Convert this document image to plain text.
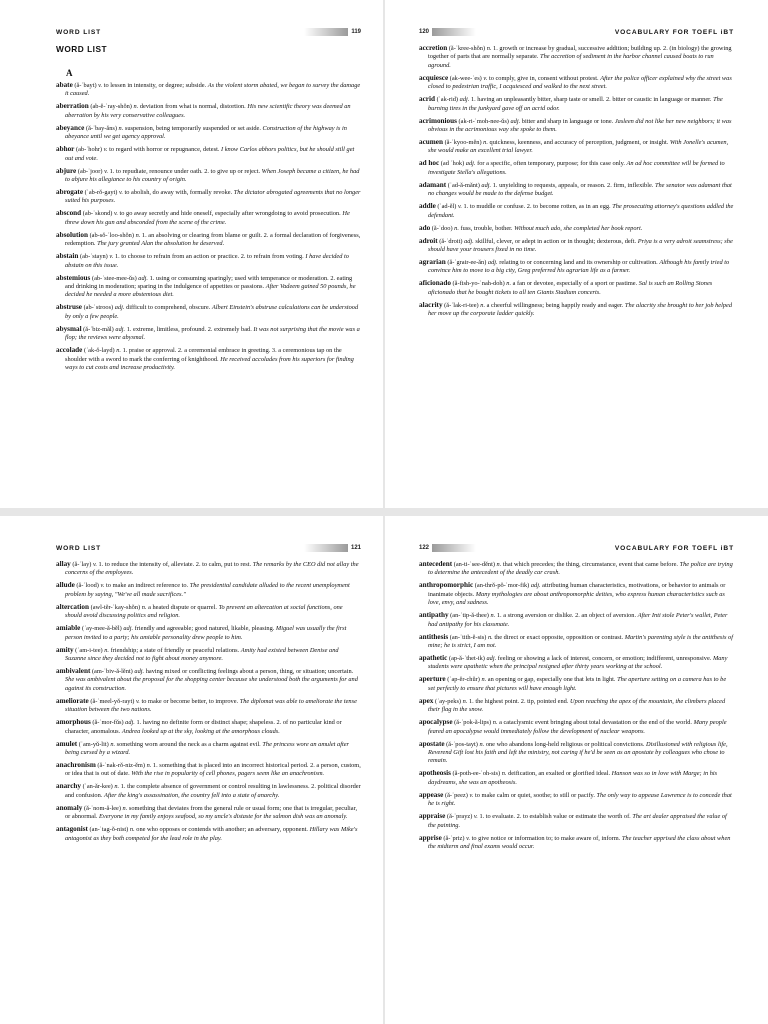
WORD LIST	119
WORD LIST
A
abate (ă-ˈbayt) v. to lessen in intensity, or degree; subside. As the violent storm abated, we began to survey the damage it caused.
aberration (ab-ĕ-ˈray-shŏn) n. deviation from what is normal, distortion. His new scientific theory was deemed an aberration by his very conservative colleagues.
abeyance (ă-ˈbay-ăns) n. suspension, being temporarily suspended or set aside. Construction of the highway is in abeyance until we get agency approval.
abhor (ab-ˈhohr) v. to regard with horror or repugnance, detest. I know Carlos abhors politics, but he should still get out and vote.
abjure (ab-ˈjoor) v. 1. to repudiate, renounce under oath. 2. to give up or reject. When Joseph became a citizen, he had to abjure his allegiance to his country of origin.
abrogate (ˈab-rŏ-gayt) v. to abolish, do away with, formally revoke. The dictator abrogated agreements that no longer suited his purposes.
abscond (ab-ˈskond) v. to go away secretly and hide oneself, especially after wrongdoing to avoid prosecution. He threw down his gun and absconded from the scene of the crime.
absolution (ab-sŏ-ˈloo-shŏn) n. 1. an absolving or clearing from blame or guilt. 2. a formal declaration of forgiveness, redemption. The jury granted Alan the absolution he deserved.
abstain (ab-ˈstayn) v. 1. to choose to refrain from an action or practice. 2. to refrain from voting. I have decided to abstain on this issue.
abstemious (ab-ˈstee-mee-ŭs) adj. 1. using or consuming sparingly; used with temperance or moderation. 2. eating and drinking in moderation; sparing in the indulgence of appetites or passions. After Vadeem gained 50 pounds, he decided he needed a more abstemious diet.
abstruse (ab-ˈstroos) adj. difficult to comprehend, obscure. Albert Einstein's abstruse calculations can be understood by only a few people.
abysmal (ă-ˈbiz-măl) adj. 1. extreme, limitless, profound. 2. extremely bad. It was not surprising that the movie was a flop; the reviews were abysmal.
accolade (ˈak-ŏ-layd) n. 1. praise or approval. 2. a ceremonial embrace in greeting. 3. a ceremonious tap on the shoulder with a sword to mark the conferring of knighthood. He received accolades from his superiors for finding ways to cut costs and increase productivity.
120	VOCABULARY FOR TOEFL iBT
accretion (ă-ˈkree-shŏn) n. 1. growth or increase by gradual, successive addition; building up. 2. (in biology) the growing together of parts that are normally separate. The accretion of sediment in the harbor channel caused boats to run aground.
acquiesce (ak-wee-ˈes) v. to comply, give in, consent without protest. After the police officer explained why the street was closed to pedestrian traffic, I acquiesced and walked to the next street.
acrid (ˈak-rid) adj. 1. having an unpleasantly bitter, sharp taste or smell. 2. bitter or caustic in language or manner. The burning tires in the junkyard gave off an acrid odor.
acrimonious (ak-ri-ˈmoh-nee-ŭs) adj. bitter and sharp in language or tone. Jasleen did not like her new neighbors; it was obvious in the acrimonious way she spoke to them.
acumen (ă-ˈkyoo-mĕn) n. quickness, keenness, and accuracy of perception, judgment, or insight. With Jonelle's acumen, she would make an excellent trial lawyer.
ad hoc (ad ˈhok) adj. for a specific, often temporary, purpose; for this case only. An ad hoc committee will be formed to investigate Stella's allegations.
adamant (ˈad-ă-mănt) adj. 1. unyielding to requests, appeals, or reason. 2. firm, inflexible. The senator was adamant that no changes would be made to the defense budget.
addle (ˈad-ĕl) v. 1. to muddle or confuse. 2. to become rotten, as in an egg. The prosecuting attorney's questions addled the defendant.
ado (ă-ˈdoo) n. fuss, trouble, bother. Without much ado, she completed her book report.
adroit (ă-ˈdroit) adj. skillful, clever, or adept in action or in thought; dexterous, deft. Priya is a very adroit seamstress; she should have your trousers fixed in no time.
agrarian (ă-ˈgrair-ee-ăn) adj. relating to or concerning land and its ownership or cultivation. Although his family tried to convince him to move to a big city, Greg preferred his agrarian life as a farmer.
aficionado (ă-fish-yo-ˈnah-doh) n. a fan or devotee, especially of a sport or pastime. Sal is such an Rolling Stones aficionado that he bought tickets to all ten Giants Stadium concerts.
alacrity (ă-ˈlak-ri-tee) n. a cheerful willingness; being happily ready and eager. The alacrity she brought to her job helped her move up the corporate ladder quickly.
WORD LIST	121
allay (ă-ˈlay) v. 1. to reduce the intensity of, alleviate. 2. to calm, put to rest. The remarks by the CEO did not allay the concerns of the employees.
allude (ă-ˈlood) v. to make an indirect reference to. The presidential candidate alluded to the recent unemployment problem by saying, "We've all made sacrifices."
altercation (awl-tĕr-ˈkay-shŏn) n. a heated dispute or quarrel. To prevent an altercation at social functions, one should avoid discussing politics and religion.
amiable (ˈay-mee-ă-bĕl) adj. friendly and agreeable; good natured, likable, pleasing. Miguel was usually the first person invited to a party; his amiable personality drew people to him.
amity (ˈam-i-tee) n. friendship; a state of friendly or peaceful relations. Amity had existed between Denise and Suzanne since they decided not to fight about money anymore.
ambivalent (am-ˈbiv-ă-lĕnt) adj. having mixed or conflicting feelings about a person, thing, or situation; uncertain. She was ambivalent about the proposal for the shopping center because she understood both the arguments for and against its construction.
ameliorate (ă-ˈmeel-yŏ-rayt) v. to make or become better, to improve. The diplomat was able to ameliorate the tense situation between the two nations.
amorphous (ă-ˈmor-fŭs) adj. 1. having no definite form or distinct shape; shapeless. 2. of no particular kind or character, anomalous. Andrea looked up at the sky, looking at the amorphous clouds.
amulet (ˈam-yŭ-lit) n. something worn around the neck as a charm against evil. The princess wore an amulet after being cursed by a wizard.
anachronism (ă-ˈnak-rŏ-niz-ĕm) n. 1. something that is placed into an incorrect historical period. 2. a person, custom, or idea that is out of date. With the rise in popularity of cell phones, pagers seem like an anachronism.
anarchy (ˈan-ăr-kee) n. 1. the complete absence of government or control resulting in lawlessness. 2. political disorder and confusion. After the king's assassination, the country fell into a state of anarchy.
anomaly (ă-ˈnom-ă-lee) n. something that deviates from the general rule or usual form; one that is irregular, peculiar, or abnormal. Everyone in my family enjoys seafood, so my uncle's distaste for the salmon dish was an anomaly.
antagonist (an-ˈtag-ŏ-nist) n. one who opposes or contends with another; an adversary, opponent. Hillary was Mike's antagonist as they both competed for the lead role in the play.
122	VOCABULARY FOR TOEFL iBT
antecedent (an-ti-ˈsee-dĕnt) n. that which precedes; the thing, circumstance, event that came before. The police are trying to determine the antecedent of the deadly car crash.
anthropomorphic (an-thrŏ-pŏ-ˈmor-fik) adj. attributing human characteristics, motivations, or behavior to animals or inanimate objects. Many mythologies are about anthropomorphic deities, who express human characteristics such as love, envy, and sadness.
antipathy (an-ˈtip-ă-thee) n. 1. a strong aversion or dislike. 2. an object of aversion. After Inti stole Peter's wallet, Peter had antipathy for his classmate.
antithesis (an-ˈtith-ĕ-sis) n. the direct or exact opposite, opposition or contrast. Martin's parenting style is the antithesis of mine; he is strict, I am not.
apathetic (ap-ă-ˈthet-ik) adj. feeling or showing a lack of interest, concern, or emotion; indifferent, unresponsive. Many students were apathetic when the principal resigned after thirty years working at the school.
aperture (ˈap-ĕr-chŭr) n. an opening or gap, especially one that lets in light. The aperture setting on a camera has to be set perfectly to ensure that pictures will have enough light.
apex (ˈay-peks) n. 1. the highest point. 2. tip, pointed end. Upon reaching the apex of the mountain, the climbers placed their flag in the snow.
apocalypse (ă-ˈpok-ă-lips) n. a cataclysmic event bringing about total devastation or the end of the world. Many people feared an apocalypse would immediately follow the development of nuclear weapons.
apostate (ă-ˈpos-tayt) n. one who abandons long-held religious or political convictions. Disillusioned with religious life, Reverend Gift lost his faith and left the ministry, not caring if he'd be seen as an apostate by colleagues who chose to remain.
apotheosis (ă-poth-ee-ˈoh-sis) n. deification, an exalted or glorified ideal. Hanson was so in love with Marge; in his daydreams, she was an apotheosis.
appease (ă-ˈpeez) v. to make calm or quiet, soothe; to still or pacify. The only way to appease Lawrence is to concede that he is right.
appraise (ă-ˈprayz) v. 1. to evaluate. 2. to establish value or estimate the worth of. The art dealer appraised the value of the painting.
apprise (ă-ˈpriz) v. to give notice or information to; to make aware of, inform. The teacher apprised the class about when the midterm and final exams would occur.
